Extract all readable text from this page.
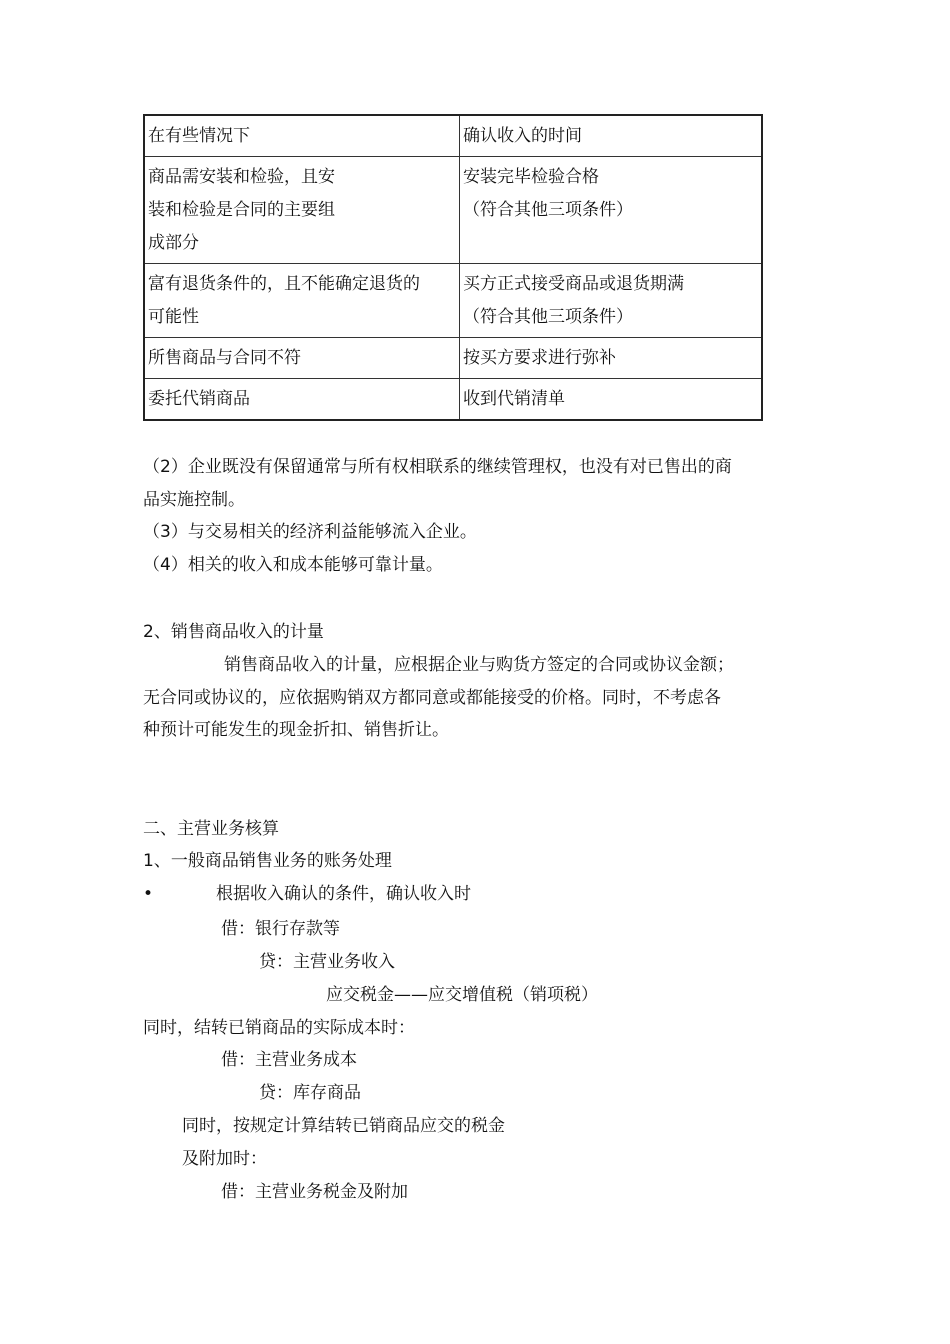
在有些情况下	确认收入的时间

商品需安装和检验，且安
装和检验是合同的主要组
成部分	安装完毕检验合格
（符合其他三项条件）

富有退货条件的，且不能确定退货的
可能性	买方正式接受商品或退货期满
（符合其他三项条件）

所售商品与合同不符	按买方要求进行弥补

委托代销商品	收到代销清单
（2）企业既没有保留通常与所有权相联系的继续管理权，也没有对已售出的商
品实施控制。
（3）与交易相关的经济利益能够流入企业。
（4）相关的收入和成本能够可靠计量。
2、销售商品收入的计量
销售商品收入的计量，应根据企业与购货方签定的合同或协议金额；
无合同或协议的，应依据购销双方都同意或都能接受的价格。同时，不考虑各
种预计可能发生的现金折扣、销售折让。
二、主营业务核算
1、一般商品销售业务的账务处理
•	根据收入确认的条件，确认收入时
借：银行存款等
贷：主营业务收入
应交税金——应交增值税（销项税）
同时，结转已销商品的实际成本时：
借：主营业务成本
贷：库存商品
同时，按规定计算结转已销商品应交的税金
及附加时：
借：主营业务税金及附加
